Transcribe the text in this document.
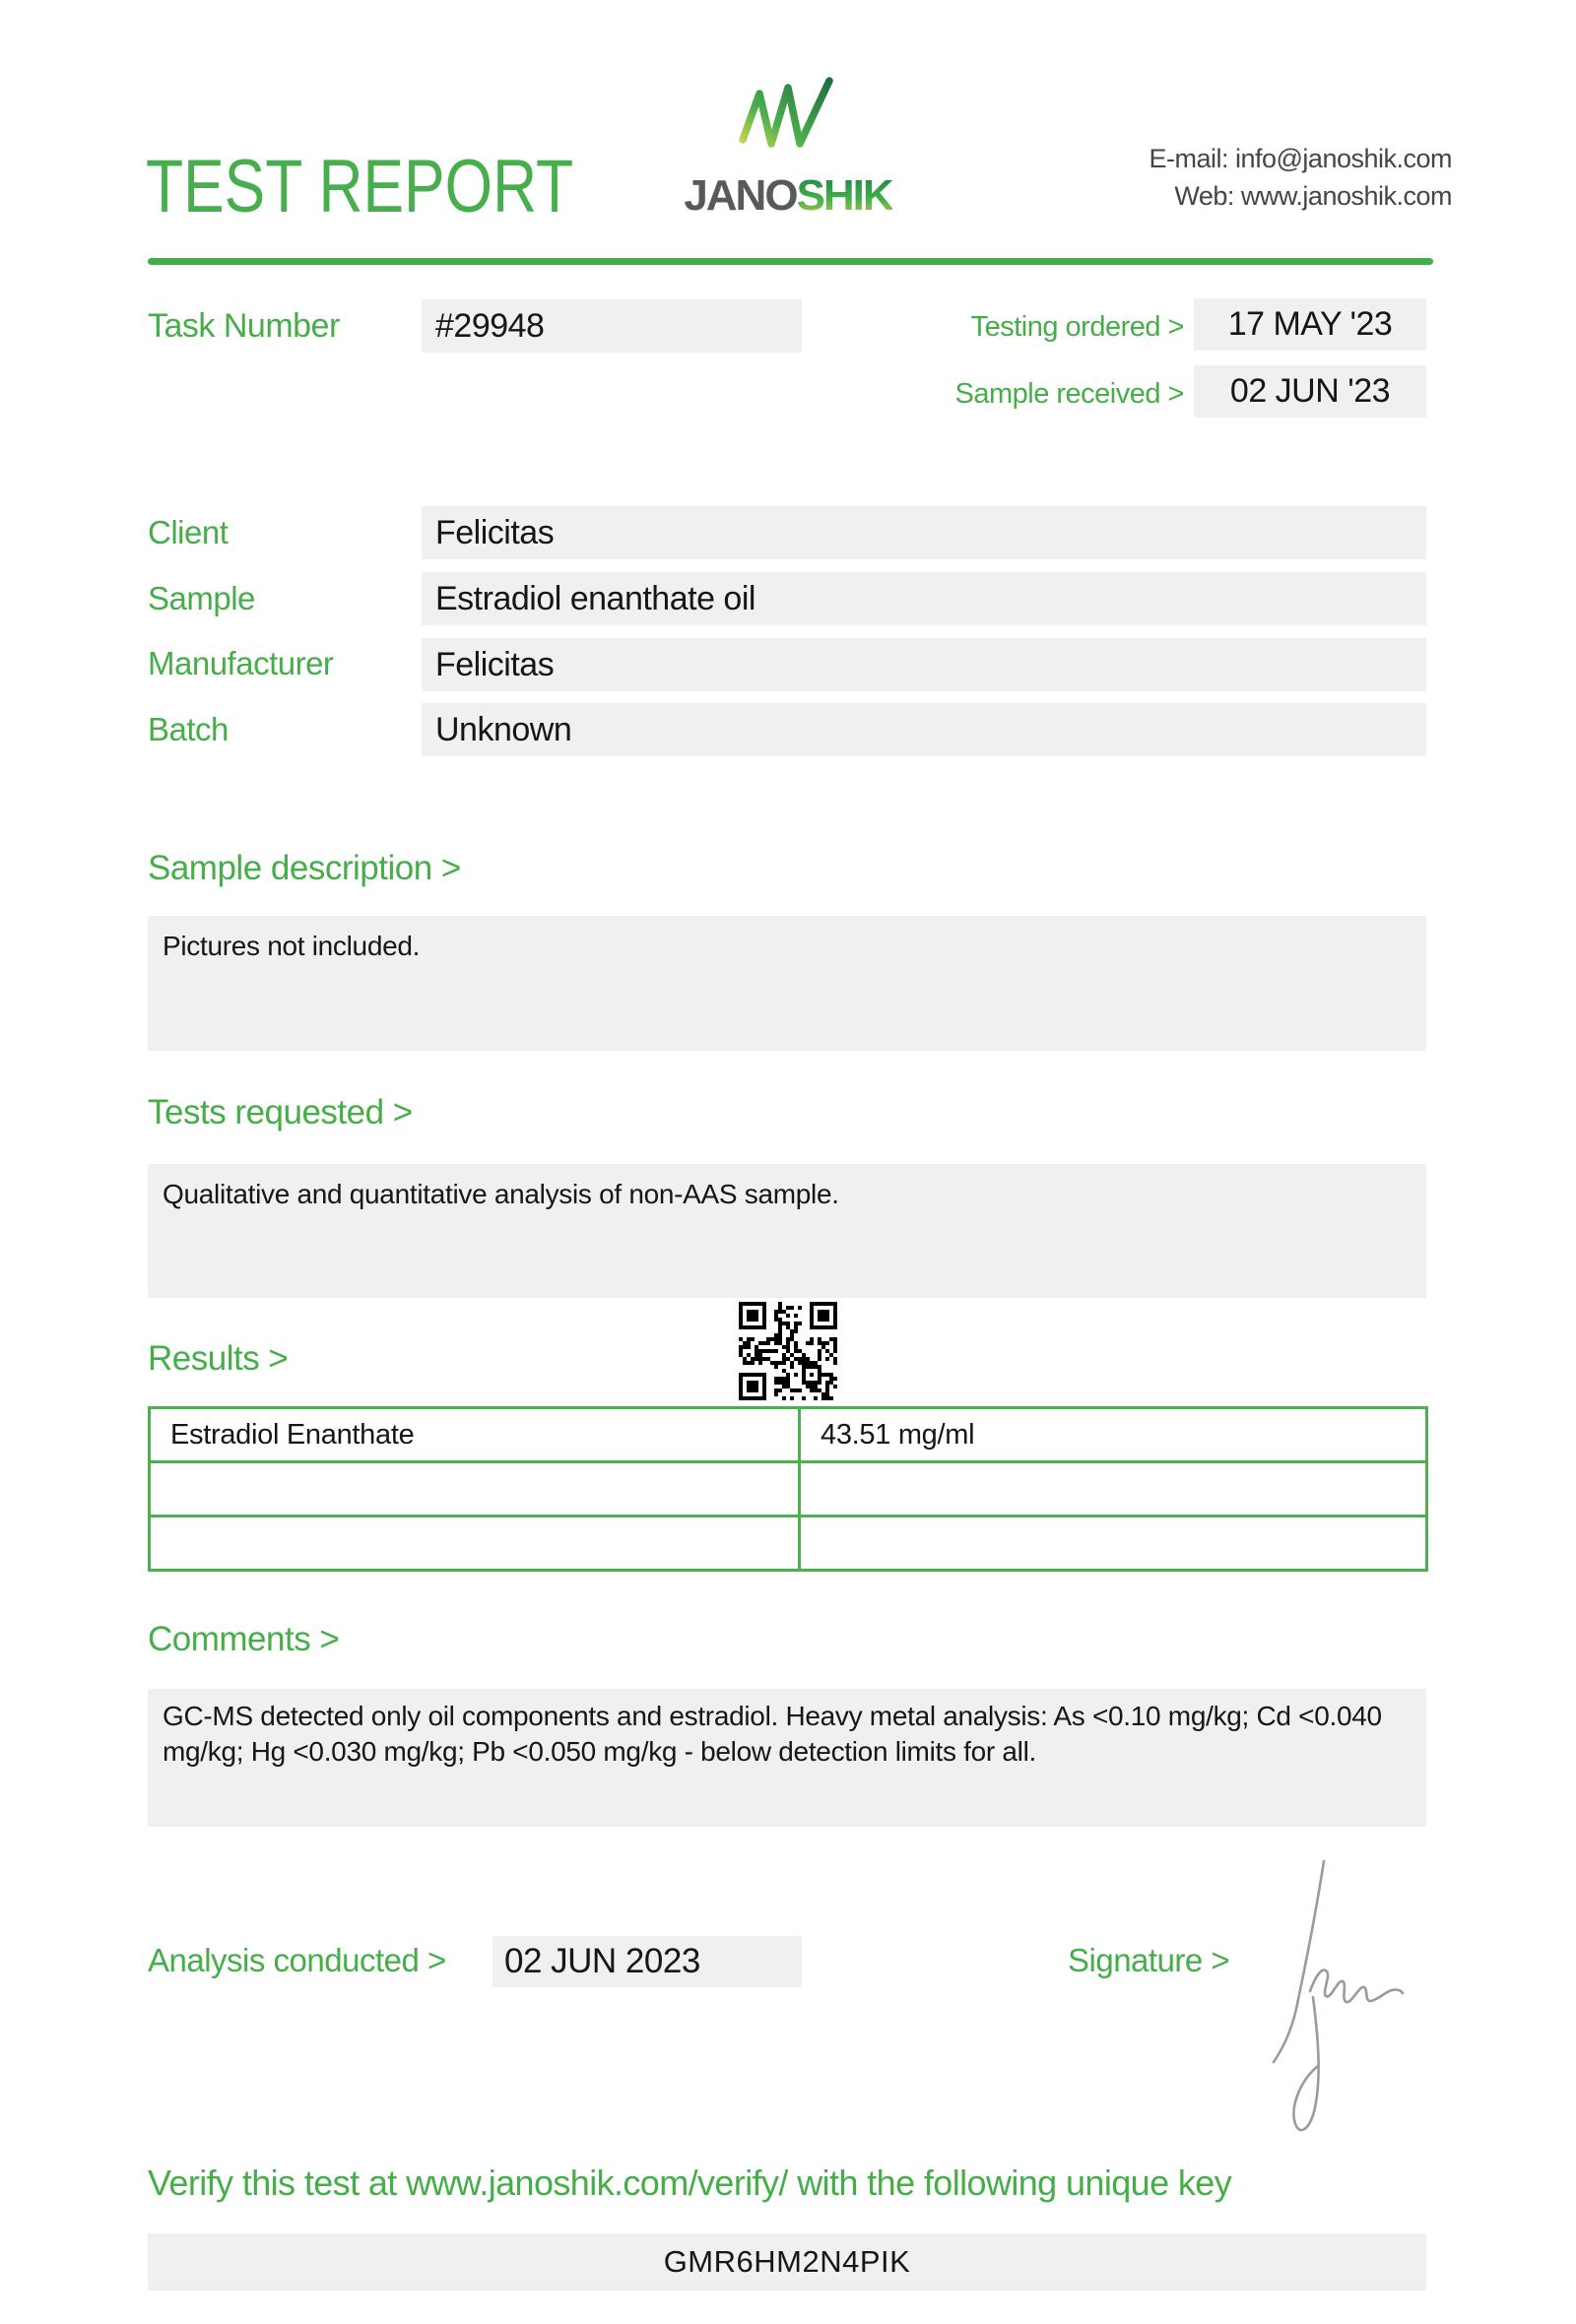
TEST REPORT	JANOSHIK
E-mail: info@janoshik.com
Web: www.janoshik.com
Task Number	#29948	Testing ordered >	17 MAY '23
Sample received >	02 JUN '23
Client	Felicitas
Sample	Estradiol enanthate oil
Manufacturer	Felicitas
Batch	Unknown
Sample description >
Pictures not included.
Tests requested >
Qualitative and quantitative analysis of non-AAS sample.
Results >
Estradiol Enanthate	43.51 mg/ml

Comments >
GC-MS detected only oil components and estradiol. Heavy metal analysis: As <0.10 mg/kg; Cd <0.040 mg/kg; Hg <0.030 mg/kg; Pb <0.050 mg/kg - below detection limits for all.
Analysis conducted >	02 JUN 2023	Signature >
Verify this test at www.janoshik.com/verify/ with the following unique key
GMR6HM2N4PIK
